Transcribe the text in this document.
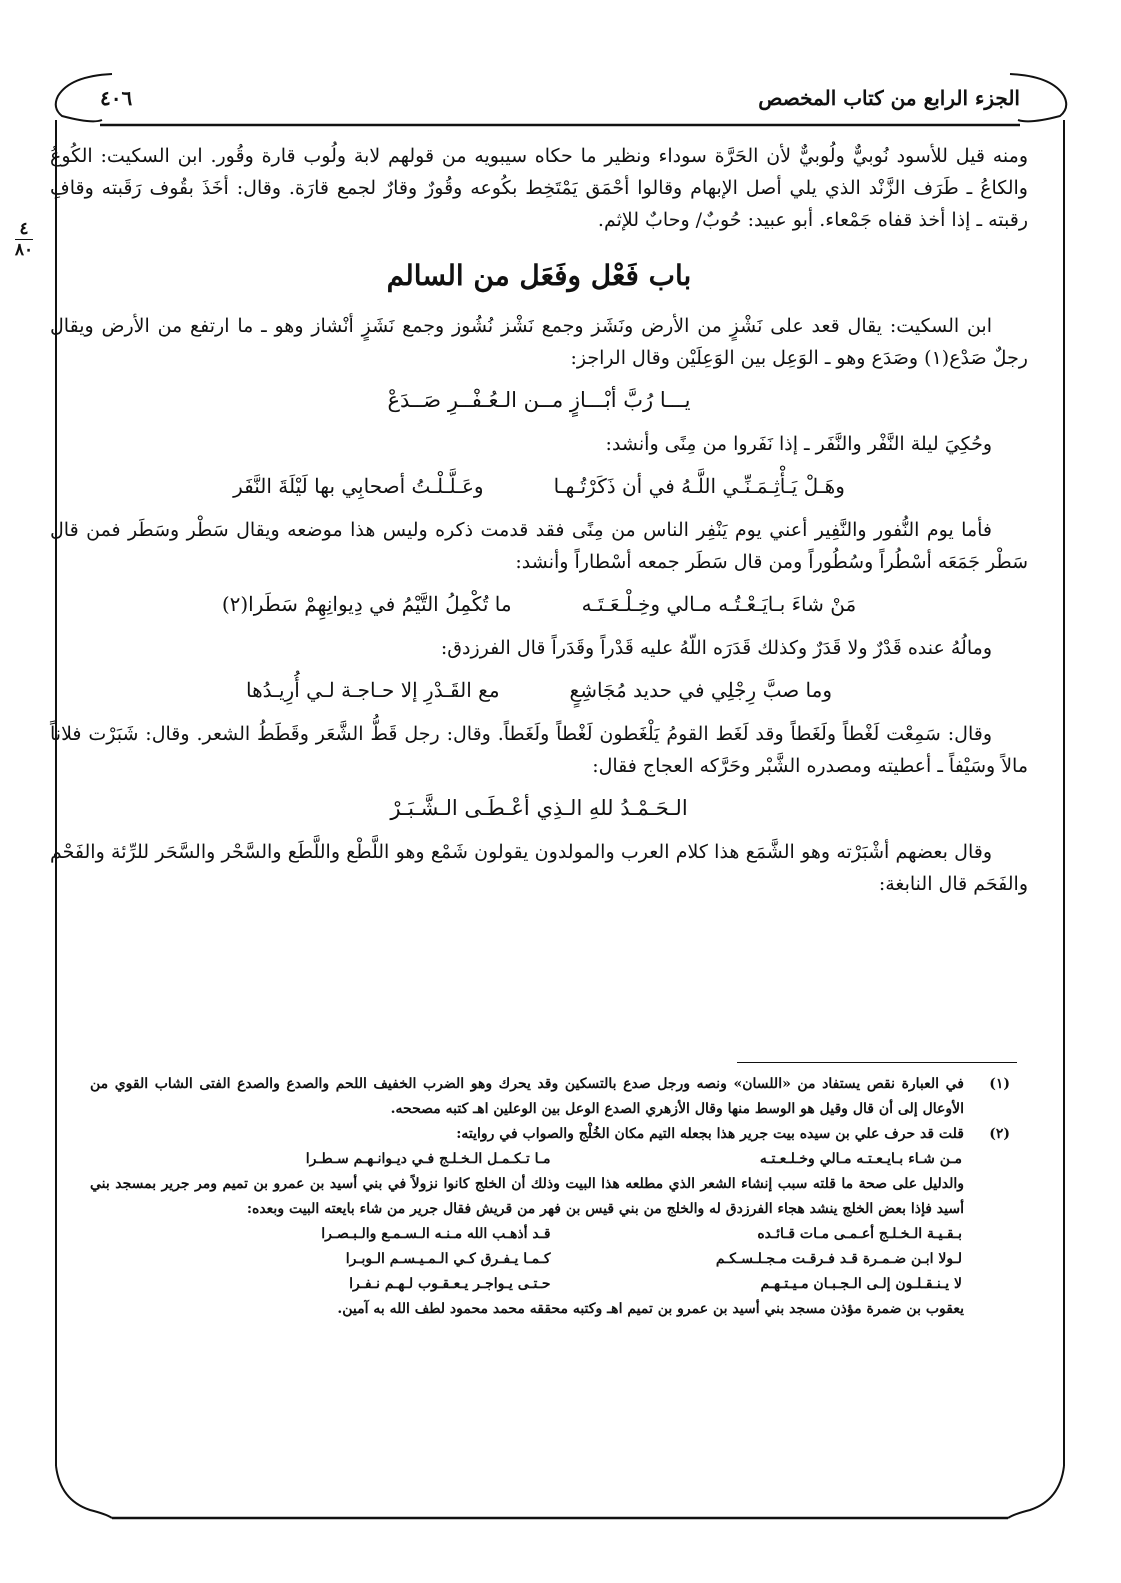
الجزء الرابع من كتاب المخصص
٤٠٦
٤
٨٠

ومنه قيل للأسود نُوبيٌّ ولُوبيٌّ لأن الحَرَّة سوداء ونظير ما حكاه سيبويه من قولهم لابة ولُوب قارة وقُور. ابن السكيت: الكُوعُ والكاعُ ـ طَرَف الزَّنْد الذي يلي أصل الإبهام وقالوا أحْمَق يَمْتَخِط بكُوعه وقُورٌ وقارٌ لجمع قارَة. وقال: أخَذَ بقُوف رَقَبته وقافِ رقبته ـ إذا أخذ قفاه جَمْعاء. أبو عبيد: حُوبٌ/ وحابٌ للإثم.

باب فَعْل وفَعَل من السالم

ابن السكيت: يقال قعد على نَشْزٍ من الأرض ونَشَز وجمع نَشْز نُشُوز وجمع نَشَزٍ أنْشاز وهو ـ ما ارتفع من الأرض ويقال رجلٌ صَدْع(١) وصَدَع وهو ـ الوَعِل بين الوَعِلَيْن وقال الراجز:

يـــا رُبَّ أبْـــازٍ مــن الـعُـفْــرِ صَــدَعْ

وحُكِيَ ليلة النَّفْر والنَّفَر ـ إذا نَفَروا من مِنًى وأنشد:

وهَـلْ يَـأْثِـمَـنِّـي اللَّـهُ في أن ذَكَرْتُـهـا
وعَـلَّـلْـتُ أصحابِي بها لَيْلَةَ النَّفَر

فأما يوم النُّفور والنَّفِير أعني يوم يَنْفِر الناس من مِنًى فقد قدمت ذكره وليس هذا موضعه ويقال سَطْر وسَطَر فمن قال سَطْر جَمَعَه أسْطُراً وسُطُوراً ومن قال سَطَر جمعه أسْطاراً وأنشد:

مَنْ شاءَ بـايَـعْـتُـه مـالي وخِـلْـعَـتَـه
ما تُكْمِلُ التَّيْمُ في دِيوانِهِمْ سَطَرا(٢)

ومالُهُ عنده قَدْرٌ ولا قَدَرٌ وكذلك قَدَرَه اللّهُ عليه قَدْراً وقَدَراً قال الفرزدق:

وما صبَّ رِجْلِي في حديد مُجَاشِعٍ
مع القَـدْرِ إلا حـاجـة لـي أُرِيـدُها

وقال: سَمِعْت لَغْطاً ولَغَطاً وقد لَغَط القومُ يَلْغَطون لَغْطاً ولَغَطاً. وقال: رجل قَطُّ الشَّعَر وقَطَطُ الشعر. وقال: شَبَرْت فلاناً مالاً وسَيْفاً ـ أعطيته ومصدره الشَّبْر وحَرَّكه العجاج فقال:

الـحَـمْـدُ للهِ الـذِي أعْـطَـى الـشَّـبَـرْ

وقال بعضهم أشْبَرْته وهو الشَّمَع هذا كلام العرب والمولدون يقولون شَمْع وهو اللَّطْع واللَّطَع والسَّحْر والسَّحَر للرِّئة والفَحْم والفَحَم قال النابغة:

(١)
في العبارة نقص يستفاد من «اللسان» ونصه ورجل صدع بالتسكين وقد يحرك وهو الضرب الخفيف اللحم والصدع والصدع الفتى الشاب القوي من الأوعال إلى أن قال وقيل هو الوسط منها وقال الأزهري الصدع الوعل بين الوعلين اهـ كتبه مصححه.
(٢)
قلت قد حرف علي بن سيده بيت جرير هذا بجعله التيم مكان الخُلْج والصواب في روايته:
مـن شـاء بـايـعـتـه مـالي وخـلـعـتـه
مـا تـكـمـل الـخـلـج فـي ديـوانـهـم سـطـرا
والدليل على صحة ما قلته سبب إنشاء الشعر الذي مطلعه هذا البيت وذلك أن الخلج كانوا نزولاً في بني أسيد بن عمرو بن تميم ومر جرير بمسجد بني أسيد فإذا بعض الخلج ينشد هجاء الفرزدق له والخلج من بني قيس بن فهر من قريش فقال جرير من شاء بايعته البيت وبعده:
بـقـيـة الـخـلـج أعـمـى مـات قـائـده
قـد أذهـب الله مـنـه الـسـمـع والـبـصـرا
لـولا ابـن ضـمـرة قـد فـرقـت مـجـلـسـكـم
كـمـا يـفـرق كـي الـمـيـسـم الـوبـرا
لا يـنـقـلـون إلـى الـجـبـان مـيـتـهـم
حـتـى يـواجـر يـعـقـوب لـهـم نـفـرا
يعقوب بن ضمرة مؤذن مسجد بني أسيد بن عمرو بن تميم اهـ وكتبه محققه محمد محمود لطف الله به آمين.
